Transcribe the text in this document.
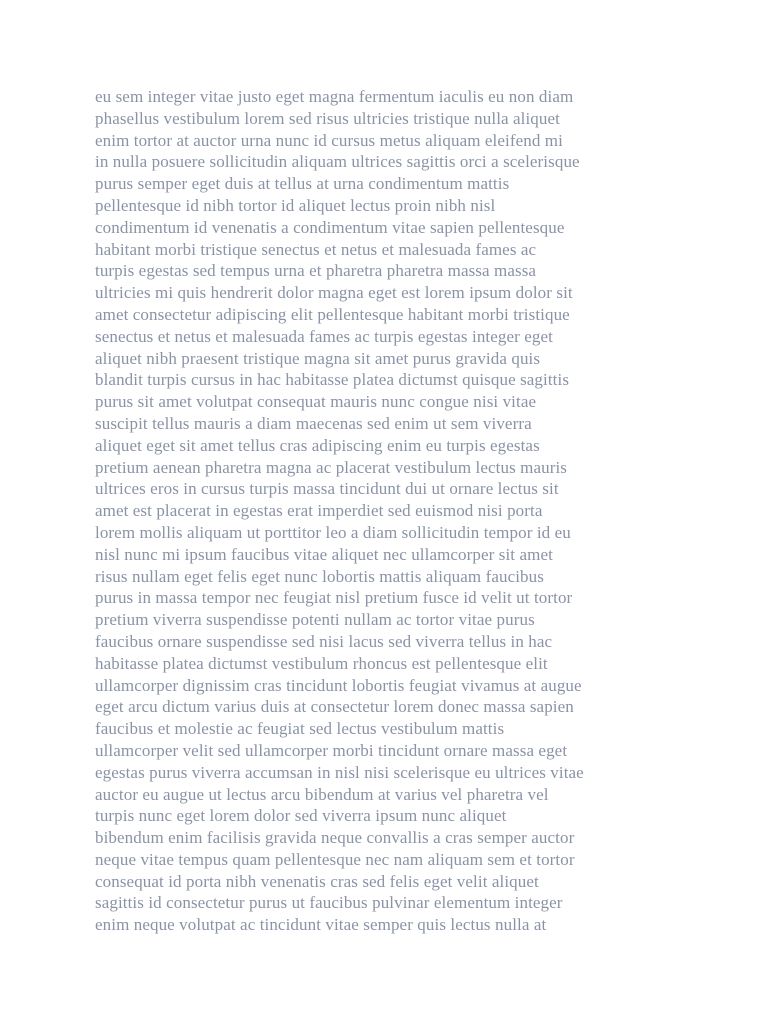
eu sem integer vitae justo eget magna fermentum iaculis eu non diam
phasellus vestibulum lorem sed risus ultricies tristique nulla aliquet
enim tortor at auctor urna nunc id cursus metus aliquam eleifend mi
in nulla posuere sollicitudin aliquam ultrices sagittis orci a scelerisque
purus semper eget duis at tellus at urna condimentum mattis
pellentesque id nibh tortor id aliquet lectus proin nibh nisl
condimentum id venenatis a condimentum vitae sapien pellentesque
habitant morbi tristique senectus et netus et malesuada fames ac
turpis egestas sed tempus urna et pharetra pharetra massa massa
ultricies mi quis hendrerit dolor magna eget est lorem ipsum dolor sit
amet consectetur adipiscing elit pellentesque habitant morbi tristique
senectus et netus et malesuada fames ac turpis egestas integer eget
aliquet nibh praesent tristique magna sit amet purus gravida quis
blandit turpis cursus in hac habitasse platea dictumst quisque sagittis
purus sit amet volutpat consequat mauris nunc congue nisi vitae
suscipit tellus mauris a diam maecenas sed enim ut sem viverra
aliquet eget sit amet tellus cras adipiscing enim eu turpis egestas
pretium aenean pharetra magna ac placerat vestibulum lectus mauris
ultrices eros in cursus turpis massa tincidunt dui ut ornare lectus sit
amet est placerat in egestas erat imperdiet sed euismod nisi porta
lorem mollis aliquam ut porttitor leo a diam sollicitudin tempor id eu
nisl nunc mi ipsum faucibus vitae aliquet nec ullamcorper sit amet
risus nullam eget felis eget nunc lobortis mattis aliquam faucibus
purus in massa tempor nec feugiat nisl pretium fusce id velit ut tortor
pretium viverra suspendisse potenti nullam ac tortor vitae purus
faucibus ornare suspendisse sed nisi lacus sed viverra tellus in hac
habitasse platea dictumst vestibulum rhoncus est pellentesque elit
ullamcorper dignissim cras tincidunt lobortis feugiat vivamus at augue
eget arcu dictum varius duis at consectetur lorem donec massa sapien
faucibus et molestie ac feugiat sed lectus vestibulum mattis
ullamcorper velit sed ullamcorper morbi tincidunt ornare massa eget
egestas purus viverra accumsan in nisl nisi scelerisque eu ultrices vitae
auctor eu augue ut lectus arcu bibendum at varius vel pharetra vel
turpis nunc eget lorem dolor sed viverra ipsum nunc aliquet
bibendum enim facilisis gravida neque convallis a cras semper auctor
neque vitae tempus quam pellentesque nec nam aliquam sem et tortor
consequat id porta nibh venenatis cras sed felis eget velit aliquet
sagittis id consectetur purus ut faucibus pulvinar elementum integer
enim neque volutpat ac tincidunt vitae semper quis lectus nulla at
